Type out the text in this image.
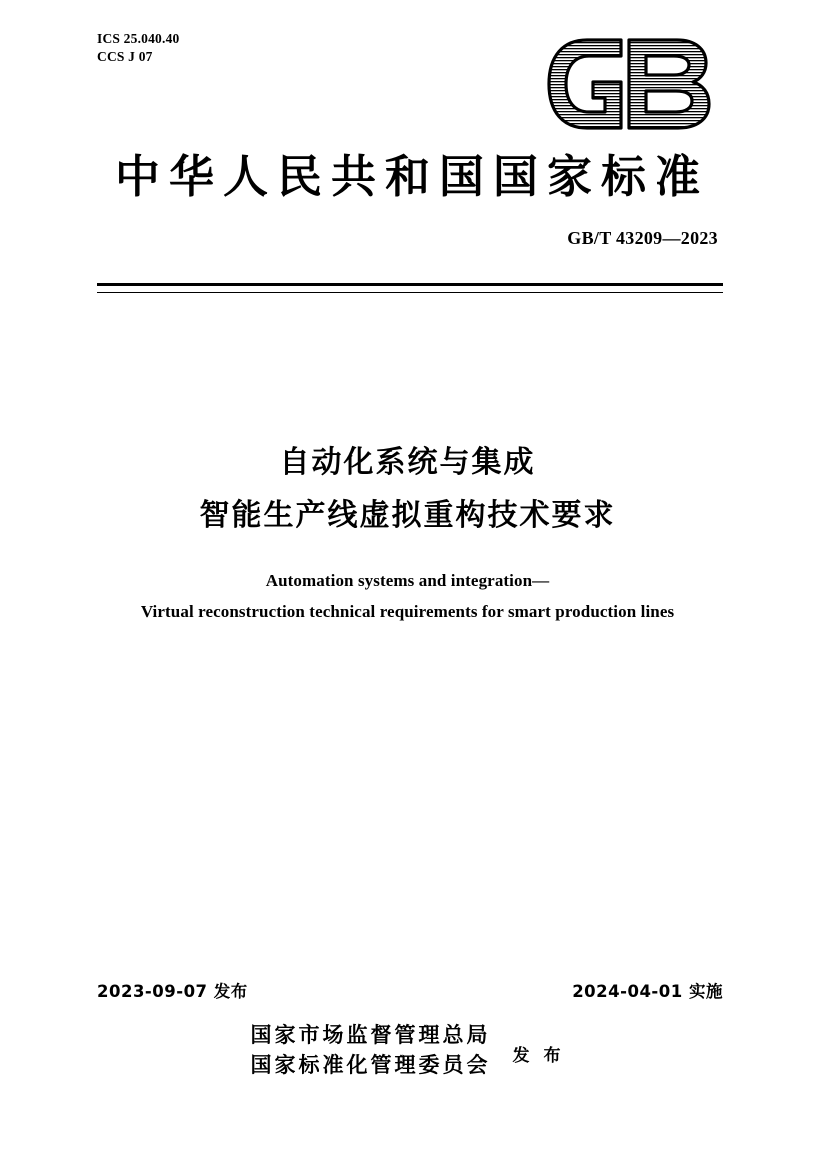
ICS 25.040.40
CCS J 07
中华人民共和国国家标准
GB/T 43209—2023
自动化系统与集成
智能生产线虚拟重构技术要求
Automation systems and integration—
Virtual reconstruction technical requirements for smart production lines
2023-09-07 发布	2024-04-01 实施
国家市场监督管理总局
国家标准化管理委员会 发 布
